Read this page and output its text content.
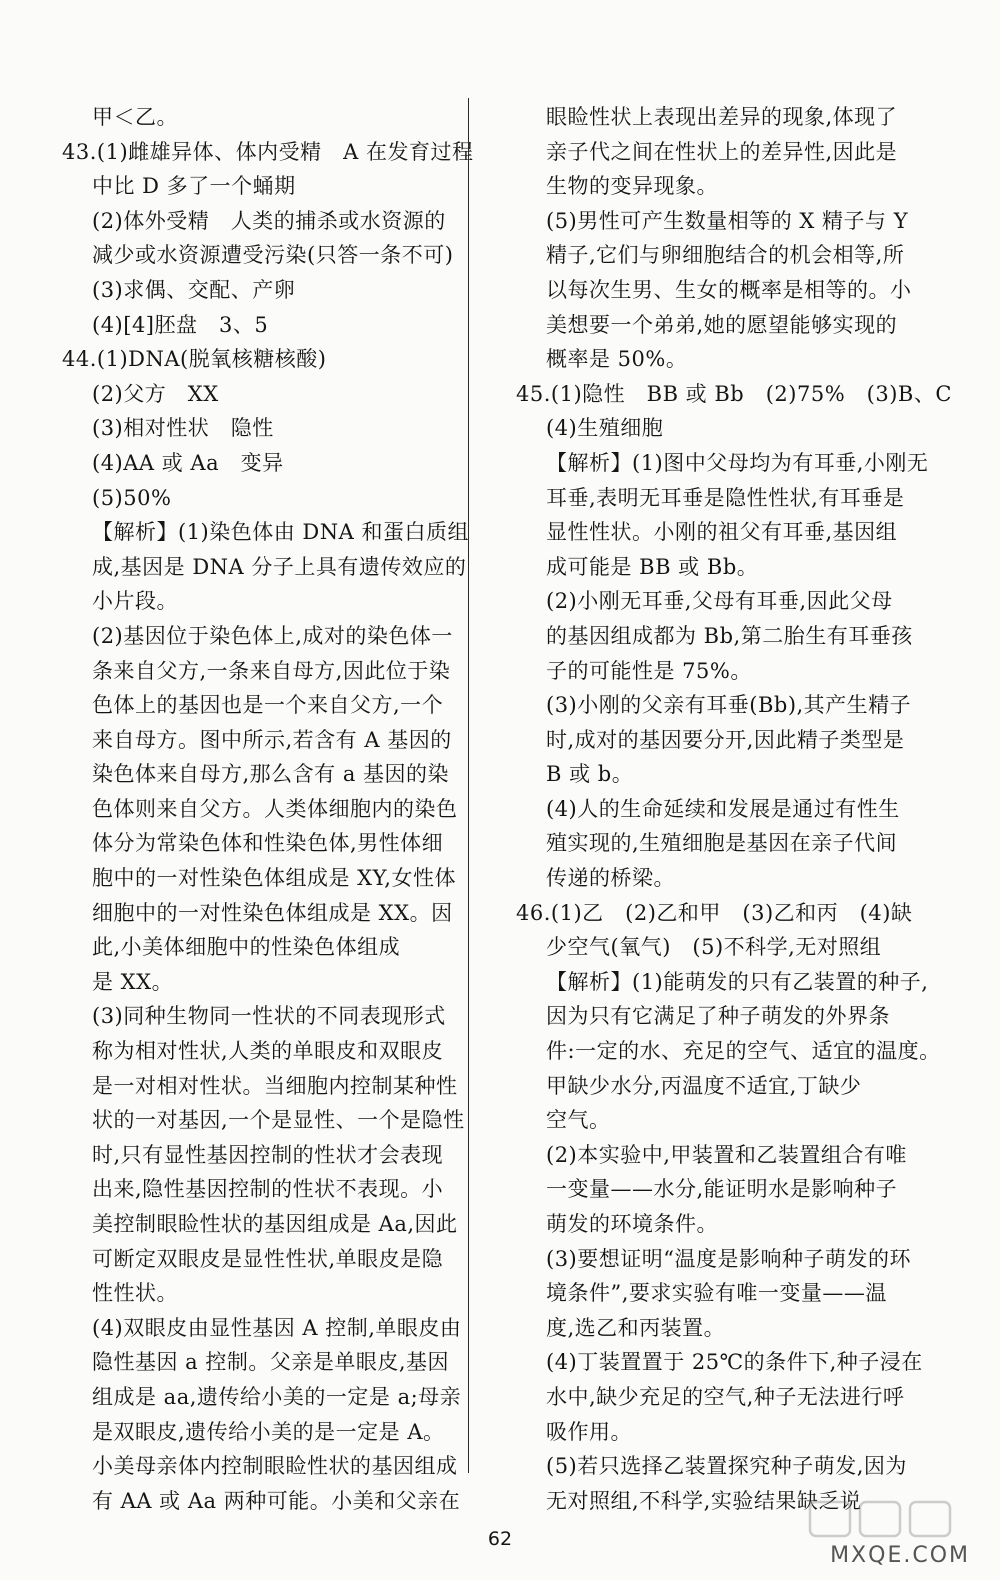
甲＜乙。
43.(1)雌雄异体、体内受精　A 在发育过程
中比 D 多了一个蛹期
(2)体外受精　人类的捕杀或水资源的
减少或水资源遭受污染(只答一条不可)
(3)求偶、交配、产卵
(4)[4]胚盘　3、5
44.(1)DNA(脱氧核糖核酸)
(2)父方　XX
(3)相对性状　隐性
(4)AA 或 Aa　变异
(5)50%
【解析】(1)染色体由 DNA 和蛋白质组
成,基因是 DNA 分子上具有遗传效应的
小片段。
(2)基因位于染色体上,成对的染色体一
条来自父方,一条来自母方,因此位于染
色体上的基因也是一个来自父方,一个
来自母方。图中所示,若含有 A 基因的
染色体来自母方,那么含有 a 基因的染
色体则来自父方。人类体细胞内的染色
体分为常染色体和性染色体,男性体细
胞中的一对性染色体组成是 XY,女性体
细胞中的一对性染色体组成是 XX。因
此,小美体细胞中的性染色体组成
是 XX。
(3)同种生物同一性状的不同表现形式
称为相对性状,人类的单眼皮和双眼皮
是一对相对性状。当细胞内控制某种性
状的一对基因,一个是显性、一个是隐性
时,只有显性基因控制的性状才会表现
出来,隐性基因控制的性状不表现。小
美控制眼睑性状的基因组成是 Aa,因此
可断定双眼皮是显性性状,单眼皮是隐
性性状。
(4)双眼皮由显性基因 A 控制,单眼皮由
隐性基因 a 控制。父亲是单眼皮,基因
组成是 aa,遗传给小美的一定是 a;母亲
是双眼皮,遗传给小美的是一定是 A。
小美母亲体内控制眼睑性状的基因组成
有 AA 或 Aa 两种可能。小美和父亲在
眼睑性状上表现出差异的现象,体现了
亲子代之间在性状上的差异性,因此是
生物的变异现象。
(5)男性可产生数量相等的 X 精子与 Y
精子,它们与卵细胞结合的机会相等,所
以每次生男、生女的概率是相等的。小
美想要一个弟弟,她的愿望能够实现的
概率是 50%。
45.(1)隐性　BB 或 Bb　(2)75%　(3)B、C
(4)生殖细胞
【解析】(1)图中父母均为有耳垂,小刚无
耳垂,表明无耳垂是隐性性状,有耳垂是
显性性状。小刚的祖父有耳垂,基因组
成可能是 BB 或 Bb。
(2)小刚无耳垂,父母有耳垂,因此父母
的基因组成都为 Bb,第二胎生有耳垂孩
子的可能性是 75%。
(3)小刚的父亲有耳垂(Bb),其产生精子
时,成对的基因要分开,因此精子类型是
B 或 b。
(4)人的生命延续和发展是通过有性生
殖实现的,生殖细胞是基因在亲子代间
传递的桥梁。
46.(1)乙　(2)乙和甲　(3)乙和丙　(4)缺
少空气(氧气)　(5)不科学,无对照组
【解析】(1)能萌发的只有乙装置的种子,
因为只有它满足了种子萌发的外界条
件:一定的水、充足的空气、适宜的温度。
甲缺少水分,丙温度不适宜,丁缺少
空气。
(2)本实验中,甲装置和乙装置组合有唯
一变量——水分,能证明水是影响种子
萌发的环境条件。
(3)要想证明“温度是影响种子萌发的环
境条件”,要求实验有唯一变量——温
度,选乙和丙装置。
(4)丁装置置于 25℃的条件下,种子浸在
水中,缺少充足的空气,种子无法进行呼
吸作用。
(5)若只选择乙装置探究种子萌发,因为
无对照组,不科学,实验结果缺乏说
62
MXQE.COM
